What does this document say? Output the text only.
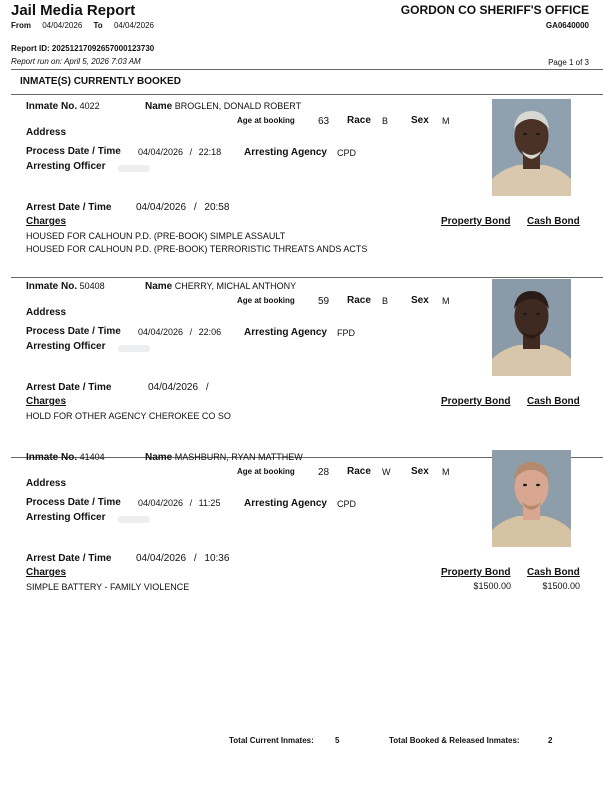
Jail Media Report
From 04/04/2026 To 04/04/2026
GORDON CO SHERIFF'S OFFICE
GA0640000
Report ID: 20251217092657000123730
Report run on: April 5, 2026 7:03 AM	Page 1 of 3
INMATE(S) CURRENTLY BOOKED
Inmate No. 4022	Name BROGLEN, DONALD ROBERT
Age at booking 63 Race B Sex M
Address
Process Date / Time 04/04/2026 / 22:18 Arresting Agency CPD
Arresting Officer
Arrest Date / Time 04/04/2026 / 20:58
Charges	Property Bond Cash Bond
HOUSED FOR CALHOUN P.D. (PRE-BOOK) SIMPLE ASSAULT
HOUSED FOR CALHOUN P.D. (PRE-BOOK) TERRORISTIC THREATS ANDS ACTS
Inmate No. 50408	Name CHERRY, MICHAL ANTHONY
Age at booking 59 Race B Sex M
Address
Process Date / Time 04/04/2026 / 22:06 Arresting Agency FPD
Arresting Officer
Arrest Date / Time	04/04/2026 /
Charges	Property Bond Cash Bond
HOLD FOR OTHER AGENCY CHEROKEE CO SO
Inmate No. 41404	Name MASHBURN, RYAN MATTHEW
Age at booking 28 Race W Sex M
Address
Process Date / Time 04/04/2026 / 11:25 Arresting Agency CPD
Arresting Officer
Arrest Date / Time 04/04/2026 / 10:36
Charges	Property Bond Cash Bond
SIMPLE BATTERY - FAMILY VIOLENCE	$1500.00	$1500.00
Total Current Inmates:	5	Total Booked & Released Inmates:	2
